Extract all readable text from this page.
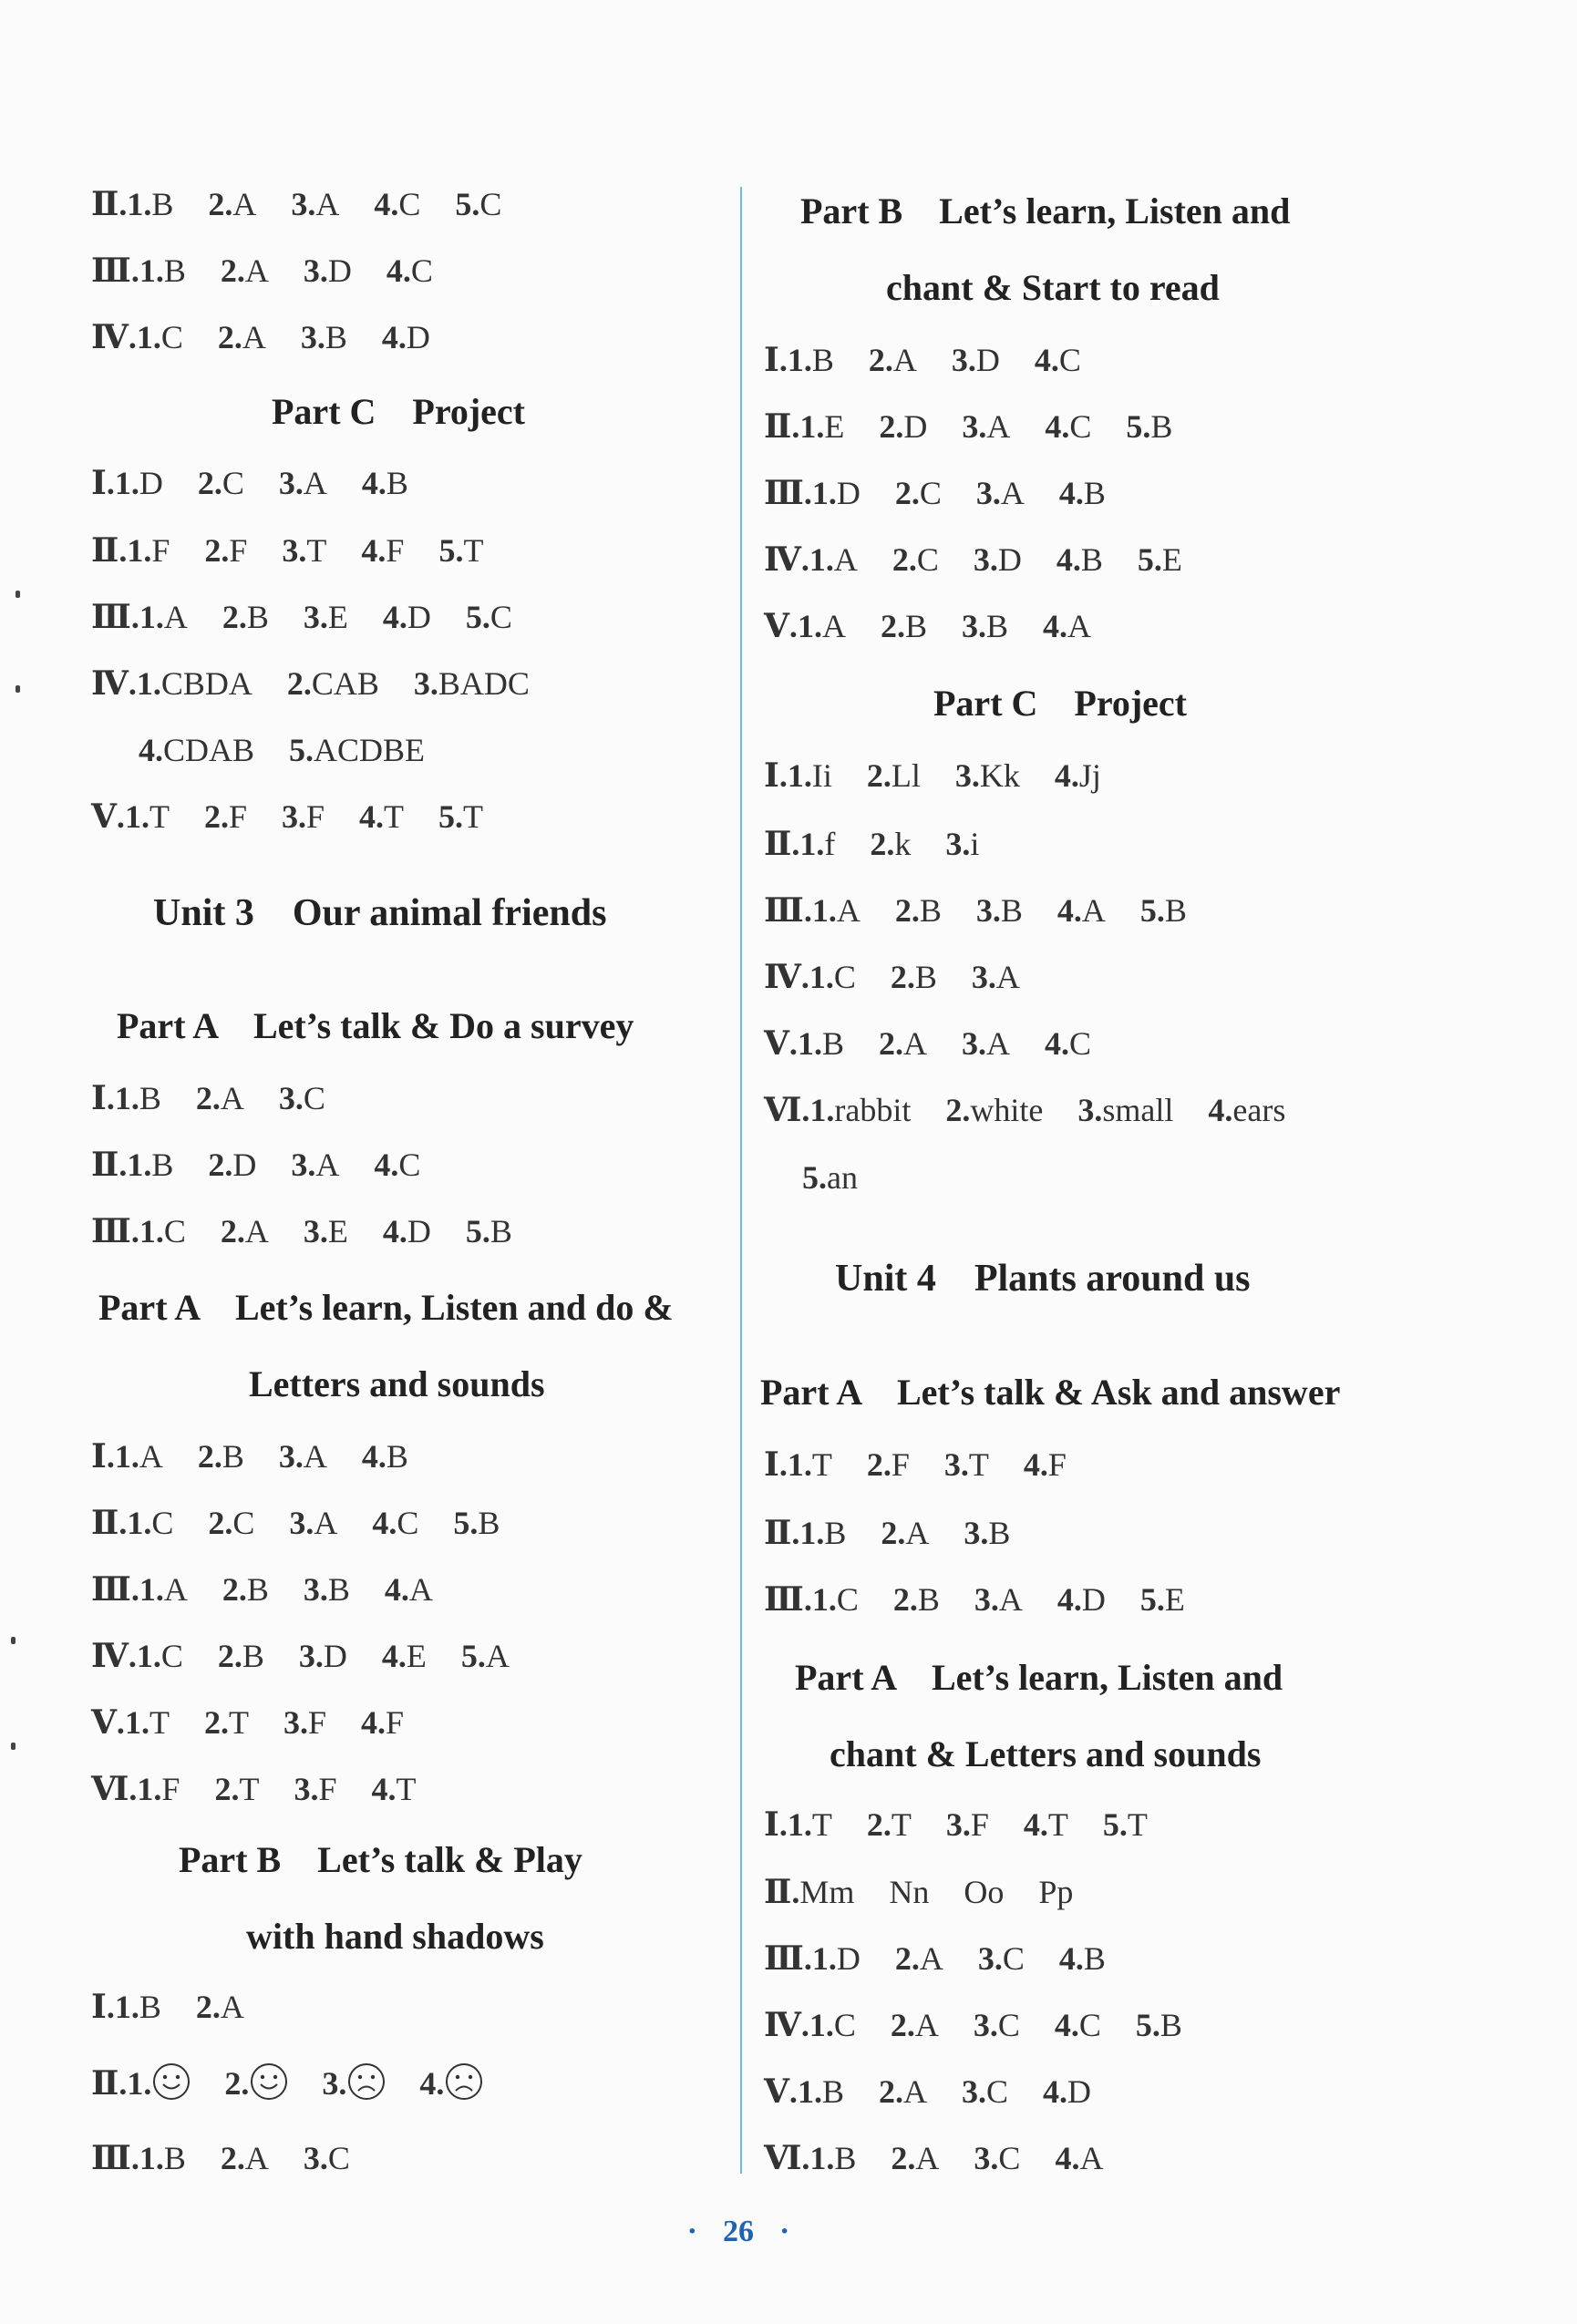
Ⅱ.1.B 2.A 3.A 4.C 5.C
Ⅲ.1.B 2.A 3.D 4.C
Ⅳ.1.C 2.A 3.B 4.D
Part C　Project
Ⅰ.1.D 2.C 3.A 4.B
Ⅱ.1.F 2.F 3.T 4.F 5.T
Ⅲ.1.A 2.B 3.E 4.D 5.C
Ⅳ.1.CBDA 2.CAB 3.BADC
4.CDAB 5.ACDBE
Ⅴ.1.T 2.F 3.F 4.T 5.T
Unit 3　Our animal friends
Part A　Let’s talk & Do a survey
Ⅰ.1.B 2.A 3.C
Ⅱ.1.B 2.D 3.A 4.C
Ⅲ.1.C 2.A 3.E 4.D 5.B
Part A　Let’s learn, Listen and do &
Letters and sounds
Ⅰ.1.A 2.B 3.A 4.B
Ⅱ.1.C 2.C 3.A 4.C 5.B
Ⅲ.1.A 2.B 3.B 4.A
Ⅳ.1.C 2.B 3.D 4.E 5.A
Ⅴ.1.T 2.T 3.F 4.F
Ⅵ.1.F 2.T 3.F 4.T
Part B　Let’s talk & Play
with hand shadows
Ⅰ.1.B 2.A
Ⅱ.1. 2. 3. 4.
Ⅲ.1.B 2.A 3.C
Part B　Let’s learn, Listen and
chant & Start to read
Ⅰ.1.B 2.A 3.D 4.C
Ⅱ.1.E 2.D 3.A 4.C 5.B
Ⅲ.1.D 2.C 3.A 4.B
Ⅳ.1.A 2.C 3.D 4.B 5.E
Ⅴ.1.A 2.B 3.B 4.A
Part C　Project
Ⅰ.1.Ii 2.Ll 3.Kk 4.Jj
Ⅱ.1.f 2.k 3.i
Ⅲ.1.A 2.B 3.B 4.A 5.B
Ⅳ.1.C 2.B 3.A
Ⅴ.1.B 2.A 3.A 4.C
Ⅵ.1.rabbit 2.white 3.small 4.ears
5.an
Unit 4　Plants around us
Part A　Let’s talk & Ask and answer
Ⅰ.1.T 2.F 3.T 4.F
Ⅱ.1.B 2.A 3.B
Ⅲ.1.C 2.B 3.A 4.D 5.E
Part A　Let’s learn, Listen and
chant & Letters and sounds
Ⅰ.1.T 2.T 3.F 4.T 5.T
Ⅱ.Mm Nn Oo Pp
Ⅲ.1.D 2.A 3.C 4.B
Ⅳ.1.C 2.A 3.C 4.C 5.B
Ⅴ.1.B 2.A 3.C 4.D
Ⅵ.1.B 2.A 3.C 4.A
· 26 ·
